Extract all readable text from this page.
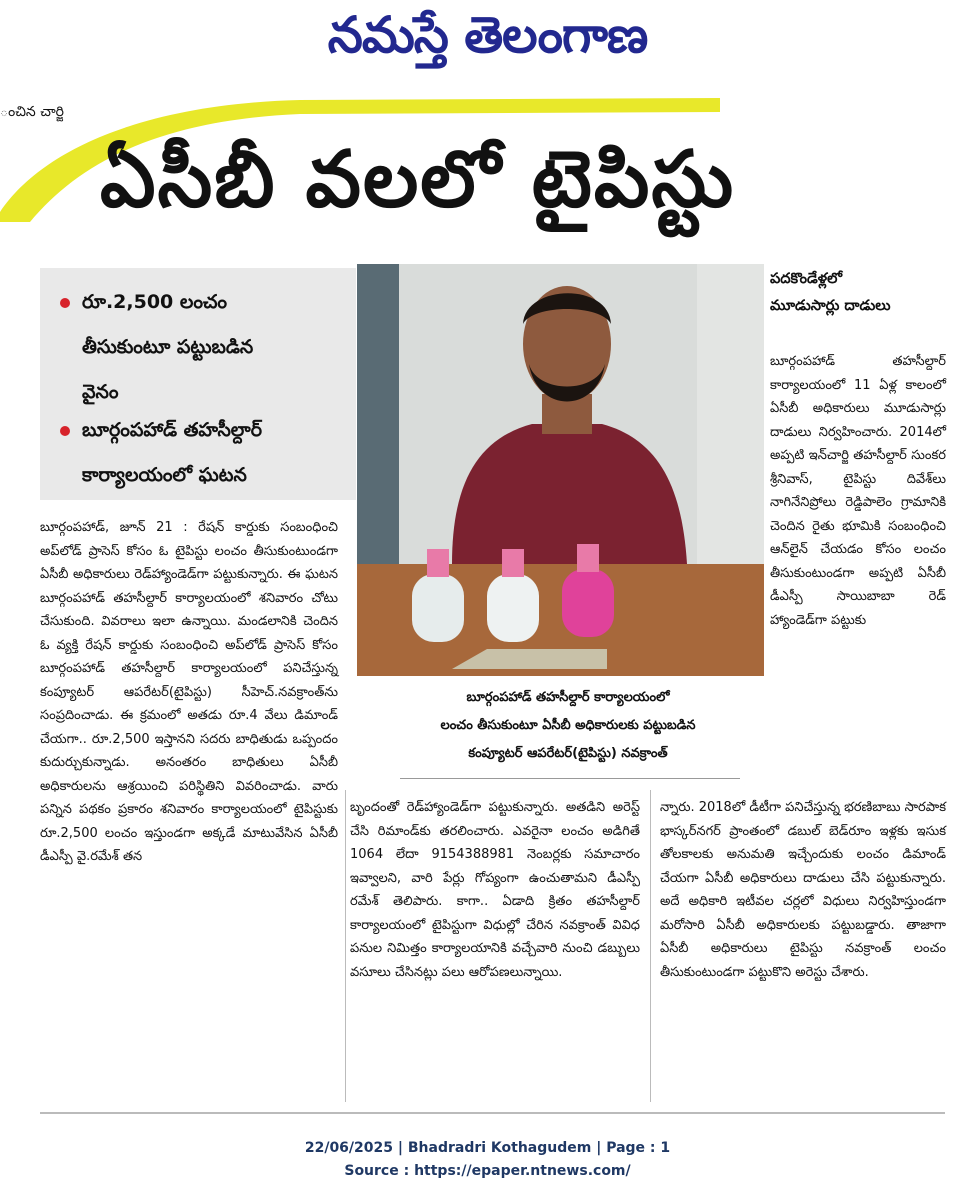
నమస్తే తెలంగాణ
ంచిన చార్జి
ఏసీబీ వలలో టైపిస్టు
రూ.2,500 లంచం
తీసుకుంటూ పట్టుబడిన
వైనం
బూర్గంపహాడ్ తహసీల్దార్
కార్యాలయంలో ఘటన
బూర్గంపహాడ్ తహసీల్దార్ కార్యాలయంలో
లంచం తీసుకుంటూ ఏసీబీ అధికారులకు పట్టుబడిన
కంప్యూటర్ ఆపరేటర్(టైపిస్టు) నవక్రాంత్

బూర్గంపహాడ్, జూన్ 21 : రేషన్ కార్డుకు సంబంధించి అప్‌లోడ్ ప్రాసెస్ కోసం ఓ టైపిస్టు లంచం తీసుకుంటుండగా ఏసీబీ అధికారులు రెడ్‌హ్యాండెడ్‌గా పట్టుకున్నారు. ఈ ఘటన బూర్గంపహాడ్ తహసీల్దార్ కార్యాలయంలో శనివారం చోటు చేసుకుంది. వివరాలు ఇలా ఉన్నాయి. మండలానికి చెందిన ఓ వ్యక్తి రేషన్ కార్డుకు సంబంధించి అప్‌లోడ్ ప్రాసెస్ కోసం బూర్గంపహాడ్ తహసీల్దార్ కార్యాలయంలో పనిచేస్తున్న కంప్యూటర్ ఆపరేటర్(టైపిస్టు) సీహెచ్.నవక్రాంత్‌ను సంప్రదించాడు. ఈ క్రమంలో అతడు రూ.4 వేలు డిమాండ్ చేయగా.. రూ.2,500 ఇస్తానని సదరు బాధితుడు ఒప్పందం కుదుర్చుకున్నాడు. అనంతరం బాధితులు ఏసీబీ అధికారులను ఆశ్రయించి పరిస్థితిని వివరించాడు. వారు పన్నిన పథకం ప్రకారం శనివారం కార్యాలయంలో టైపిస్టుకు రూ.2,500 లంచం ఇస్తుండగా అక్కడే మాటువేసిన ఏసీబీ డీఎస్పీ వై.రమేశ్ తన

బృందంతో రెడ్‌హ్యాండెడ్‌గా పట్టుకున్నారు. అతడిని అరెస్ట్ చేసి రిమాండ్‌కు తరలించారు. ఎవరైనా లంచం అడిగితే 1064 లేదా 9154388981 నెంబర్లకు సమాచారం ఇవ్వాలని, వారి పేర్లు గోప్యంగా ఉంచుతామని డీఎస్పీ రమేశ్ తెలిపారు. కాగా.. ఏడాది క్రితం తహసీల్దార్ కార్యాలయంలో టైపిస్టుగా విధుల్లో చేరిన నవక్రాంత్ వివిధ పనుల నిమిత్తం కార్యాలయానికి వచ్చేవారి నుంచి డబ్బులు వసూలు చేసినట్లు పలు ఆరోపణలున్నాయి.

పదకొండేళ్లలో మూడుసార్లు దాడులు

బూర్గంపహాడ్ తహసీల్దార్ కార్యాలయంలో 11 ఏళ్ల కాలంలో ఏసీబీ అధికారులు మూడుసార్లు దాడులు నిర్వహించారు. 2014లో అప్పటి ఇన్‌చార్జి తహసీల్దార్ సుంకర శ్రీనివాస్, టైపిస్టు దివేశ్‌లు నాగినేనిప్రోలు రెడ్డిపాలెం గ్రామానికి చెందిన రైతు భూమికి సంబంధించి ఆన్‌లైన్ చేయడం కోసం లంచం తీసుకుంటుండగా అప్పటి ఏసీబీ డీఎస్పీ సాయిబాబా రెడ్ హ్యాండెడ్‌గా పట్టుకు

న్నారు. 2018లో డీటీగా పనిచేస్తున్న భరణిబాబు సారపాక భాస్కర్‌నగర్ ప్రాంతంలో డబుల్ బెడ్‌రూం ఇళ్లకు ఇసుక తోలకాలకు అనుమతి ఇచ్చేందుకు లంచం డిమాండ్ చేయగా ఏసీబీ అధికారులు దాడులు చేసి పట్టుకున్నారు. అదే అధికారి ఇటీవల చర్లలో విధులు నిర్వహిస్తుండగా మరోసారి ఏసీబీ అధికారులకు పట్టుబడ్డారు. తాజాగా ఏసీబీ అధికారులు టైపిస్టు నవక్రాంత్ లంచం తీసుకుంటుండగా పట్టుకొని అరెస్టు చేశారు.

22/06/2025 | Bhadradri Kothagudem | Page : 1
Source : https://epaper.ntnews.com/
